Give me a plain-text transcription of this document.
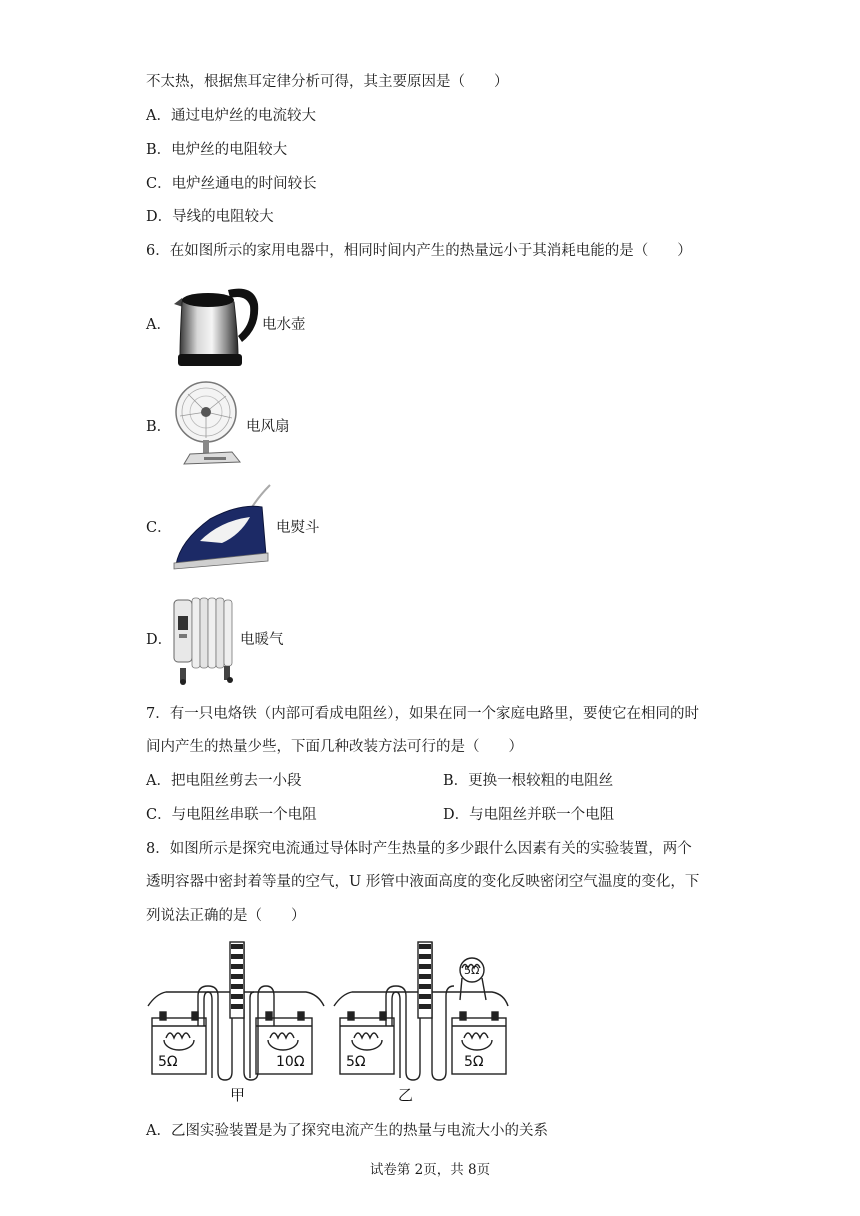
不太热，根据焦耳定律分析可得，其主要原因是（　　）
A．通过电炉丝的电流较大
B．电炉丝的电阻较大
C．电炉丝通电的时间较长
D．导线的电阻较大
6．在如图所示的家用电器中，相同时间内产生的热量远小于其消耗电能的是（　　）
A．	电水壶
B．	电风扇
C．	电熨斗
D．	电暖气
7．有一只电烙铁（内部可看成电阻丝），如果在同一个家庭电路里，要使它在相同的时
间内产生的热量少些，下面几种改装方法可行的是（　　）
A．把电阻丝剪去一小段	B．更换一根较粗的电阻丝
C．与电阻丝串联一个电阻	D．与电阻丝并联一个电阻
8．如图所示是探究电流通过导体时产生热量的多少跟什么因素有关的实验装置，两个
透明容器中密封着等量的空气，U 形管中液面高度的变化反映密闭空气温度的变化，下
列说法正确的是（　　）
5Ω	10Ω
甲
5Ω	5Ω
5Ω
乙
A．乙图实验装置是为了探究电流产生的热量与电流大小的关系
试卷第 2页，共 8页
